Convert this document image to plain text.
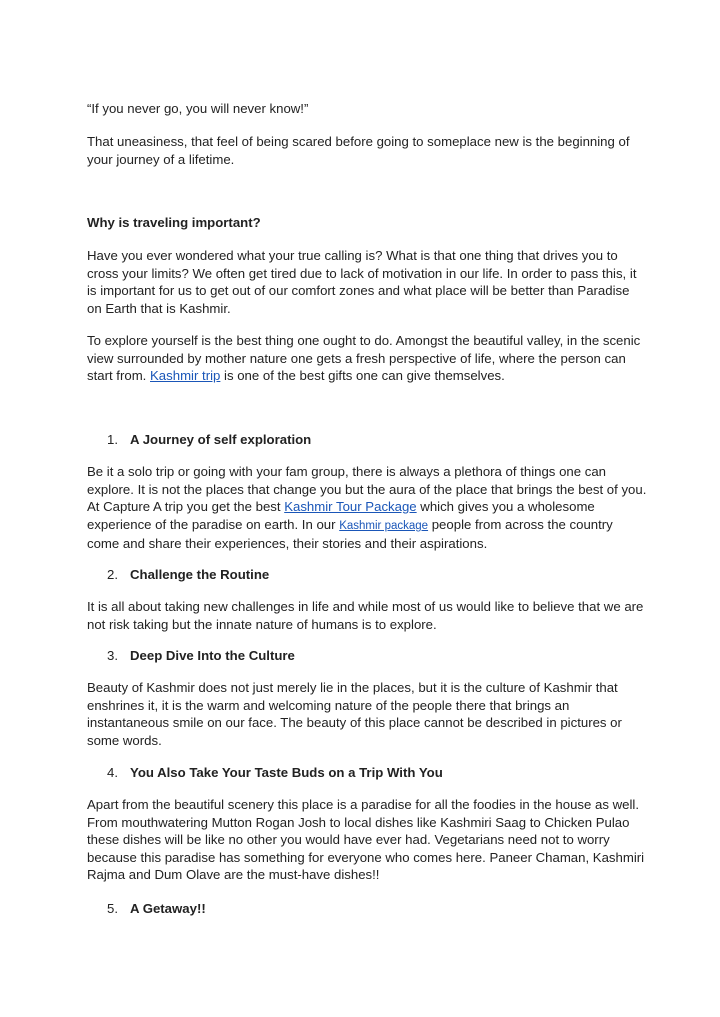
“If you never go, you will never know!”
That uneasiness, that feel of being scared before going to someplace new is the beginning of your journey of a lifetime.
Why is traveling important?
Have you ever wondered what your true calling is? What is that one thing that drives you to cross your limits? We often get tired due to lack of motivation in our life. In order to pass this, it is important for us to get out of our comfort zones and what place will be better than Paradise on Earth that is Kashmir.
To explore yourself is the best thing one ought to do. Amongst the beautiful valley, in the scenic view surrounded by mother nature one gets a fresh perspective of life, where the person can start from. Kashmir trip is one of the best gifts one can give themselves.
1. A Journey of self exploration
Be it a solo trip or going with your fam group, there is always a plethora of things one can explore. It is not the places that change you but the aura of the place that brings the best of you. At Capture A trip you get the best Kashmir Tour Package which gives you a wholesome experience of the paradise on earth. In our Kashmir package people from across the country come and share their experiences, their stories and their aspirations.
2. Challenge the Routine
It is all about taking new challenges in life and while most of us would like to believe that we are not risk taking but the innate nature of humans is to explore.
3. Deep Dive Into the Culture
Beauty of Kashmir does not just merely lie in the places, but it is the culture of Kashmir that enshrines it, it is the warm and welcoming nature of the people there that brings an instantaneous smile on our face. The beauty of this place cannot be described in pictures or some words.
4. You Also Take Your Taste Buds on a Trip With You
Apart from the beautiful scenery this place is a paradise for all the foodies in the house as well. From mouthwatering Mutton Rogan Josh to local dishes like Kashmiri Saag to Chicken Pulao these dishes will be like no other you would have ever had. Vegetarians need not to worry because this paradise has something for everyone who comes here. Paneer Chaman, Kashmiri Rajma and Dum Olave are the must-have dishes!!
5. A Getaway!!
